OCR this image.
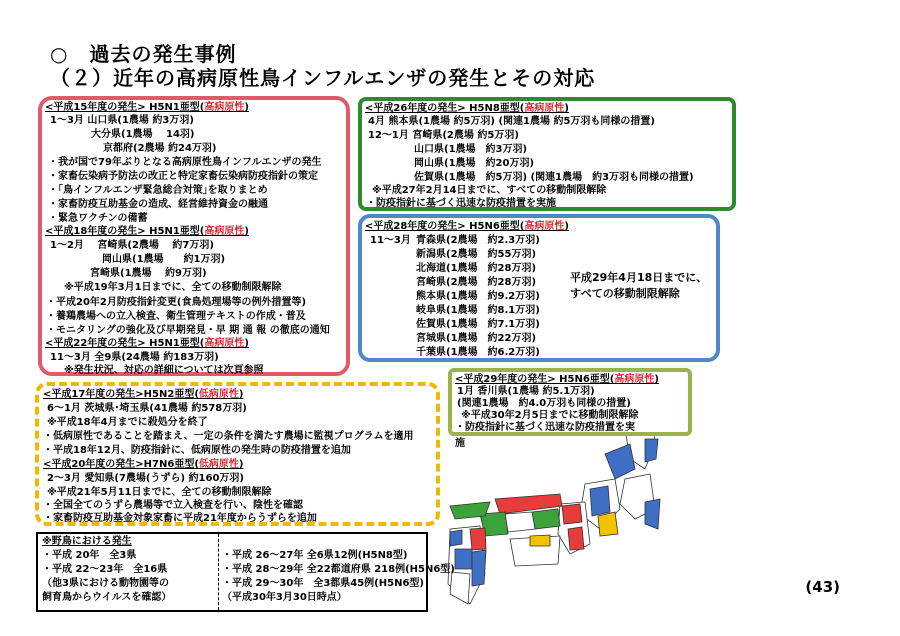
○　過去の発生事例
（２）近年の高病原性鳥インフルエンザの発生とその対応
<平成15年度の発生> H5N1亜型(高病原性)
1～3月 山口県(1農場 約3万羽)
大分県(1農場　 14羽)
京都府(2農場 約24万羽)
・我が国で79年ぶりとなる高病原性鳥インフルエンザの発生
・家畜伝染病予防法の改正と特定家畜伝染病防疫指針の策定
・｢鳥インフルエンザ緊急総合対策｣を取りまとめ
・家畜防疫互助基金の造成、経営維持資金の融通
・緊急ワクチンの備蓄
<平成18年度の発生> H5N1亜型(高病原性)
1～2月　 宮崎県(2農場　 約7万羽)
岡山県(1農場　　約1万羽)
宮崎県(1農場　 約9万羽)
※平成19年3月1日までに、全ての移動制限解除
・平成20年2月防疫指針変更(食鳥処理場等の例外措置等)
・養鶏農場への立入検査、衛生管理テキストの作成・普及
・モニタリングの強化及び早期発見・早 期 通 報 の徹底の通知
<平成22年度の発生> H5N1亜型(高病原性)
11～3月 全9県(24農場 約183万羽)
※発生状況、対応の詳細については次頁参照
<平成26年度の発生> H5N8亜型(高病原性)
4月 熊本県(1農場 約5万羽) (関連1農場 約5万羽も同様の措置)
12～1月 宮崎県(2農場 約5万羽)
山口県(1農場　約3万羽)
岡山県(1農場　約20万羽)
佐賀県(1農場　約5万羽) (関連1農場　約3万羽も同様の措置)
※平成27年2月14日までに、すべての移動制限解除
・防疫指針に基づく迅速な防疫措置を実施
<平成28年度の発生> H5N6亜型(高病原性)
11～3月 青森県(2農場　約2.3万羽)
新潟県(2農場　約55万羽)
北海道(1農場　約28万羽)
宮崎県(2農場　約28万羽)
熊本県(1農場　約9.2万羽)
岐阜県(1農場　約8.1万羽)
佐賀県(1農場　約7.1万羽)
宮城県(1農場　約22万羽)
千葉県(1農場　約6.2万羽)
平成29年4月18日までに、
すべての移動制限解除
<平成29年度の発生> H5N6亜型(高病原性)
1月 香川県(1農場 約5.1万羽)
(関連1農場　約4.0万羽も同様の措置)
※平成30年2月5日までに移動制限解除
・防疫指針に基づく迅速な防疫措置を実
施
<平成17年度の発生>H5N2亜型(低病原性)
6～1月 茨城県･埼玉県(41農場 約578万羽)
※平成18年4月までに殺処分を終了
・低病原性であることを踏まえ、一定の条件を満たす農場に監視プログラムを適用
・平成18年12月、防疫指針に、低病原性の発生時の防疫措置を追加
<平成20年度の発生>H7N6亜型(低病原性)
2～3月 愛知県(7農場(うずら) 約160万羽)
※平成21年5月11日までに、全ての移動制限解除
・全国全てのうずら農場等で立入検査を行い、陰性を確認
・家畜防疫互助基金対象家畜に平成21年度からうずらを追加
※野鳥における発生
・平成 20年　全3県
・平成 22～23年　全16県
（他3県における動物園等の
飼育鳥からウイルスを確認）
・平成 26～27年 全6県12例(H5N8型)
・平成 28～29年 全22都道府県 218例(H5N6型)
・平成 29～30年　全3都県45例(H5N6型)
（平成30年3月30日時点）
(43)
